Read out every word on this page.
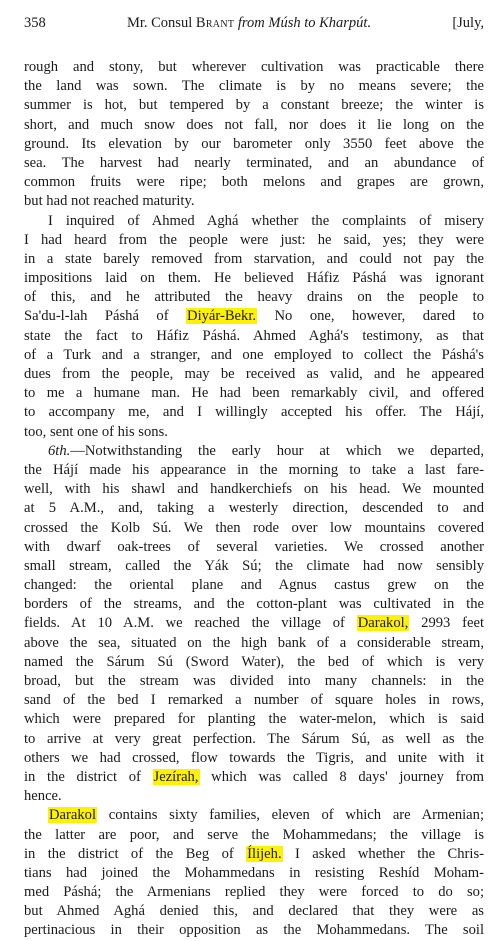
358	Mr. Consul Brant from Músh to Kharpút.	[July,
rough and stony, but wherever cultivation was practicable there
the land was sown. The climate is by no means severe; the
summer is hot, but tempered by a constant breeze; the winter is
short, and much snow does not fall, nor does it lie long on the
ground. Its elevation by our barometer only 3550 feet above the
sea. The harvest had nearly terminated, and an abundance of
common fruits were ripe; both melons and grapes are grown,
but had not reached maturity.
I inquired of Ahmed Aghá whether the complaints of misery
I had heard from the people were just: he said, yes; they were
in a state barely removed from starvation, and could not pay the
impositions laid on them. He believed Háfiz Páshá was ignorant
of this, and he attributed the heavy drains on the people to
Sa'du-l-lah Páshá of Diyár-Bekr. No one, however, dared to
state the fact to Háfiz Páshá. Ahmed Aghá's testimony, as that
of a Turk and a stranger, and one employed to collect the Páshá's
dues from the people, may be received as valid, and he appeared
to me a humane man. He had been remarkably civil, and offered
to accompany me, and I willingly accepted his offer. The Hájí,
too, sent one of his sons.
6th.—Notwithstanding the early hour at which we departed,
the Hájí made his appearance in the morning to take a last fare-
well, with his shawl and handkerchiefs on his head. We mounted
at 5 A.M., and, taking a westerly direction, descended to and
crossed the Kolb Sú. We then rode over low mountains covered
with dwarf oak-trees of several varieties. We crossed another
small stream, called the Yák Sú; the climate had now sensibly
changed: the oriental plane and Agnus castus grew on the
borders of the streams, and the cotton-plant was cultivated in the
fields. At 10 A.M. we reached the village of Darakol, 2993 feet
above the sea, situated on the high bank of a considerable stream,
named the Sárum Sú (Sword Water), the bed of which is very
broad, but the stream was divided into many channels: in the
sand of the bed I remarked a number of square holes in rows,
which were prepared for planting the water-melon, which is said
to arrive at very great perfection. The Sárum Sú, as well as the
others we had crossed, flow towards the Tigris, and unite with it
in the district of Jezírah, which was called 8 days' journey from
hence.
Darakol contains sixty families, eleven of which are Armenian;
the latter are poor, and serve the Mohammedans; the village is
in the district of the Beg of Ílijeh. I asked whether the Chris-
tians had joined the Mohammedans in resisting Reshíd Moham-
med Páshá; the Armenians replied they were forced to do so;
but Ahmed Aghá denied this, and declared that they were as
pertinacious in their opposition as the Mohammedans. The soil
